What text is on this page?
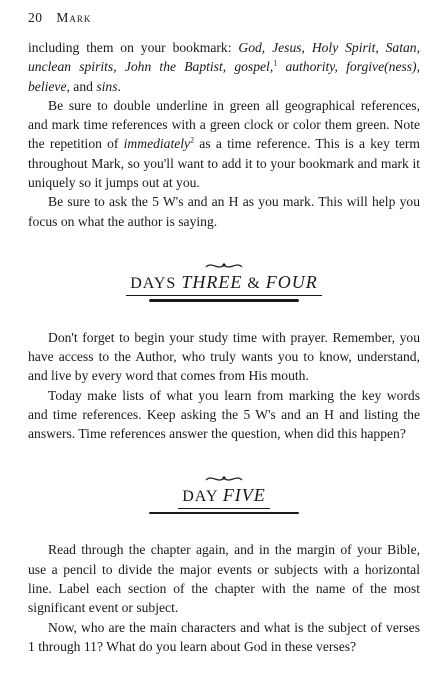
20 Mark

including them on your bookmark: God, Jesus, Holy Spirit, Satan, unclean spirits, John the Baptist, gospel,$^1$ authority, forgive(ness), believe, and sins.

Be sure to double underline in green all geographical references, and mark time references with a green clock or color them green. Note the repetition of immediately$^2$ as a time reference. This is a key term throughout Mark, so you'll want to add it to your bookmark and mark it uniquely so it jumps out at you.

Be sure to ask the 5 W's and an H as you mark. This will help you focus on what the author is saying.

DAYS THREE & FOUR

Don't forget to begin your study time with prayer. Remember, you have access to the Author, who truly wants you to know, understand, and live by every word that comes from His mouth.

Today make lists of what you learn from marking the key words and time references. Keep asking the 5 W's and an H and listing the answers. Time references answer the question, when did this happen?

DAY FIVE

Read through the chapter again, and in the margin of your Bible, use a pencil to divide the major events or subjects with a horizontal line. Label each section of the chapter with the name of the most significant event or subject.

Now, who are the main characters and what is the subject of verses 1 through 11? What do you learn about God in these verses?
